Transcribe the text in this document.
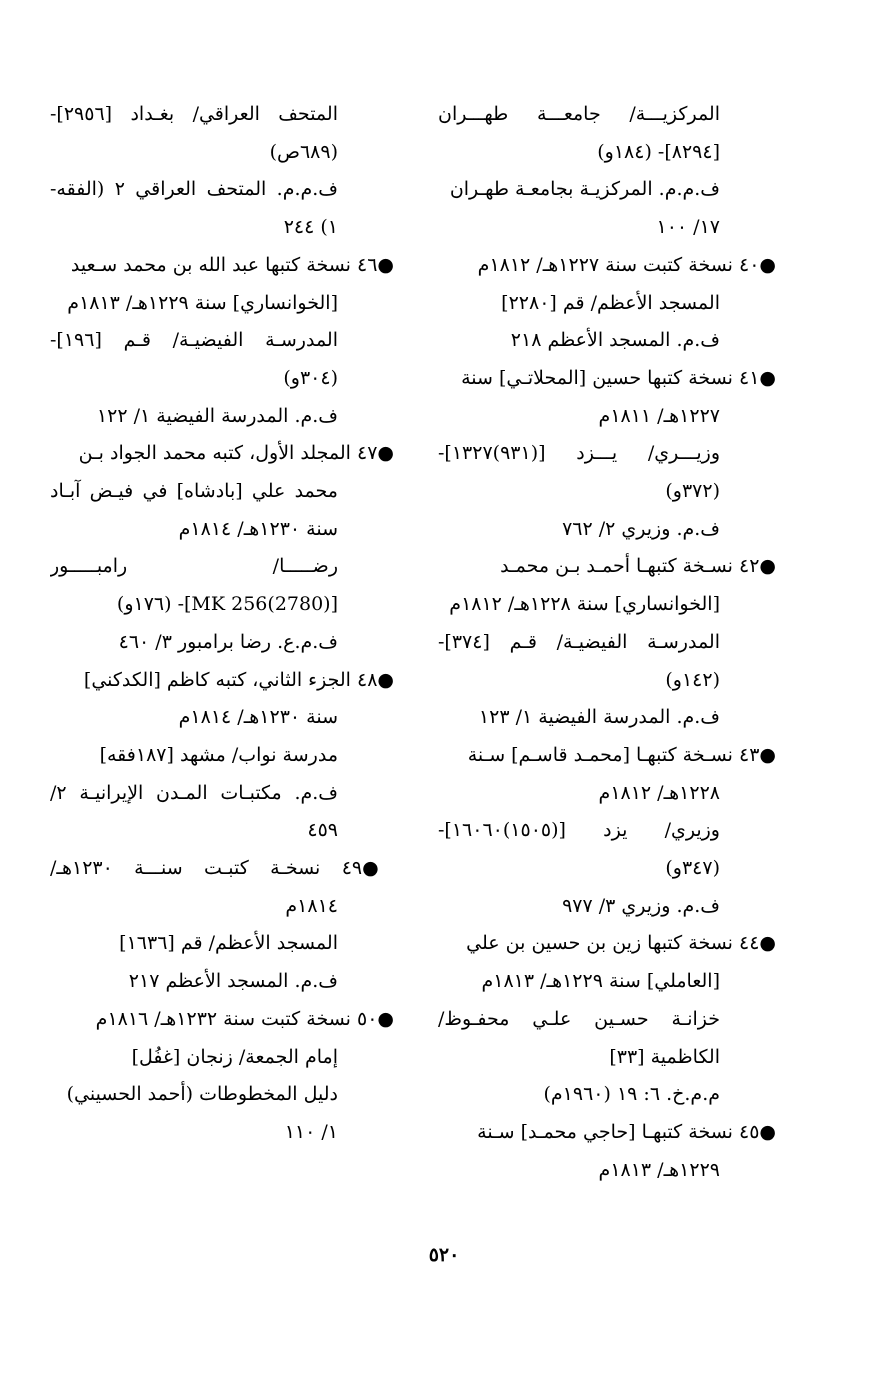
المركزيـــة/ جامعـــة طهـــران
[٨٢٩٤]- (١٨٤و)
ف.م.م. المركزيـة بجامعـة طهـران
١٧/ ١٠٠
●٤٠ نسخة كتبت سنة ١٢٢٧هـ/ ١٨١٢م
المسجد الأعظم/ قم [٢٢٨٠]
ف.م. المسجد الأعظم ٢١٨
●٤١ نسخة كتبها حسين [المحلاتـي] سنة
١٢٢٧هـ/ ١٨١١م
وزيـــري/ يـــزد [(٩٣١)١٣٢٧]-
(٣٧٢و)
ف.م. وزيري ٢/ ٧٦٢
●٤٢ نسـخة كتبهـا أحمـد بـن محمـد
[الخوانساري] سنة ١٢٢٨هـ/ ١٨١٢م
المدرسـة الفيضيـة/ قـم [٣٧٤]-
(١٤٢و)
ف.م. المدرسة الفيضية ١/ ١٢٣
●٤٣ نسـخة كتبهـا [محمـد قاسـم] سـنة
١٢٢٨هـ/ ١٨١٢م
وزيري/ يزد [(١٥٠٥)١٦٠٦٠]-
(٣٤٧و)
ف.م. وزيري ٣/ ٩٧٧
●٤٤ نسخة كتبها زين بن حسين بن علي
[العاملي] سنة ١٢٢٩هـ/ ١٨١٣م
خزانـة حسـين علـي محفـوظ/
الكاظمية [٣٣]
م.م.خ. ٦: ١٩ (١٩٦٠م)
●٤٥ نسخة كتبهـا [حاجي محمـد] سـنة
١٢٢٩هـ/ ١٨١٣م
المتحف العراقي/ بغـداد [٢٩٥٦]-
(٦٨٩ص)
ف.م.م. المتحف العراقي ٢ (الفقه-
١) ٢٤٤
●٤٦ نسخة كتبها عبد الله بن محمد سـعيد
[الخوانساري] سنة ١٢٢٩هـ/ ١٨١٣م
المدرسـة الفيضيـة/ قـم [١٩٦]-
(٣٠٤و)
ف.م. المدرسة الفيضية ١/ ١٢٢
●٤٧ المجلد الأول، كتبه محمد الجواد بـن
محمد علي [بادشاه] في فيـض آبـاد
سنة ١٢٣٠هـ/ ١٨١٤م
رضـــــا/ رامبـــــور
[(2780)256 MK]- (١٧٦و)
ف.م.ع. رضا برامبور ٣/ ٤٦٠
●٤٨ الجزء الثاني، كتبه كاظم [الكدكني]
سنة ١٢٣٠هـ/ ١٨١٤م
مدرسة نواب/ مشهد [١٨٧فقه]
ف.م. مكتبـات المـدن الإيرانيـة ٢/
٤٥٩
●٤٩ نسخـة كتبـت سنـــة ١٢٣٠هـ/
١٨١٤م
المسجد الأعظم/ قم [١٦٣٦]
ف.م. المسجد الأعظم ٢١٧
●٥٠ نسخة كتبت سنة ١٢٣٢هـ/ ١٨١٦م
إمام الجمعة/ زنجان [غفُل]
دليل المخطوطات (أحمد الحسيني)
١/ ١١٠
٥٢٠
